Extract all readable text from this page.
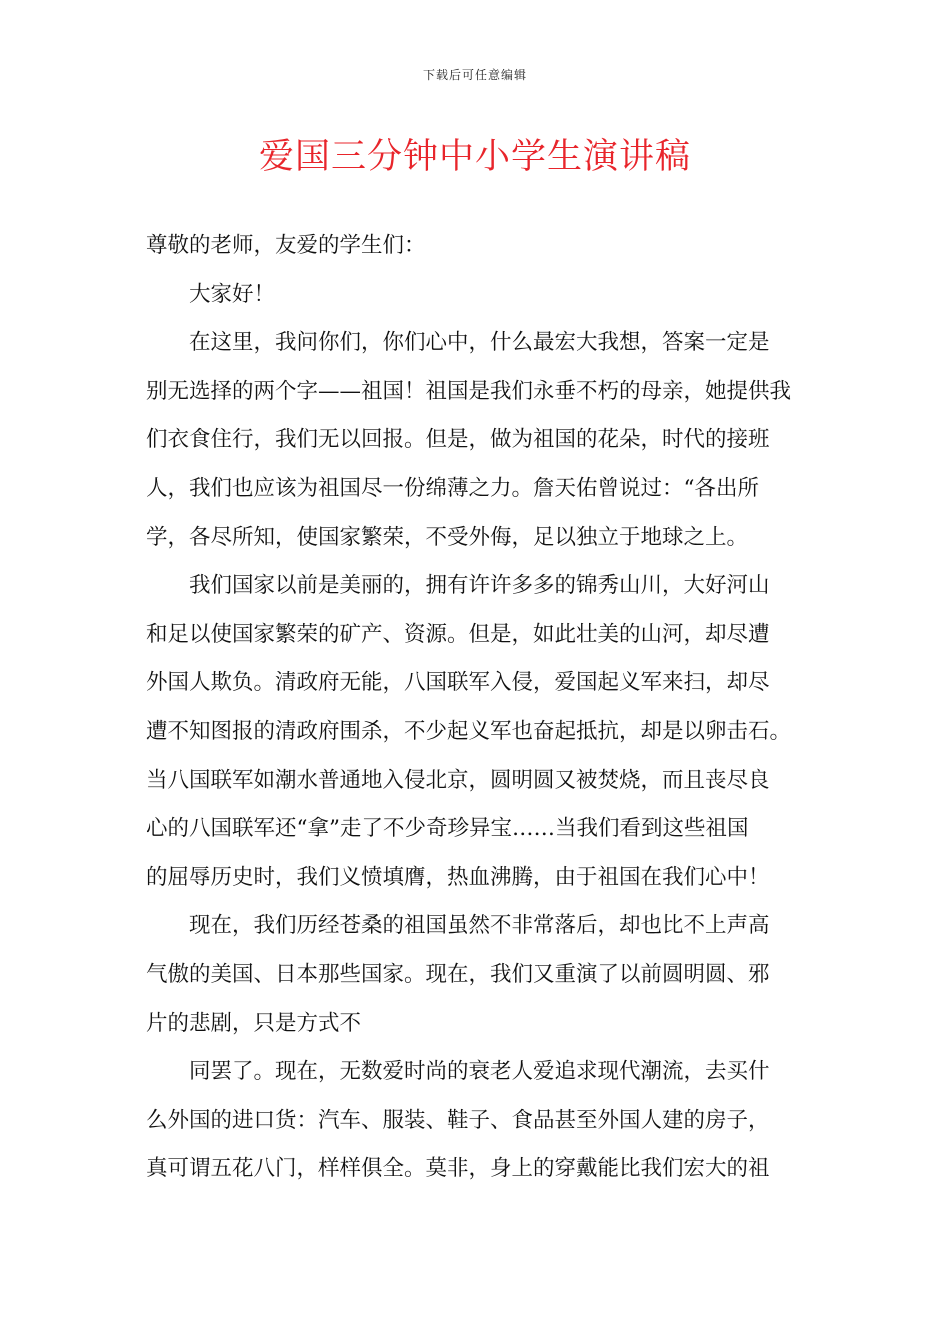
下载后可任意编辑
爱国三分钟中小学生演讲稿

尊敬的老师，友爱的学生们：

大家好！

在这里，我问你们，你们心中，什么最宏大我想，答案一定是
别无选择的两个字——祖国！祖国是我们永垂不朽的母亲，她提供我
们衣食住行，我们无以回报。但是，做为祖国的花朵，时代的接班
人，我们也应该为祖国尽一份绵薄之力。詹天佑曾说过：“各出所
学，各尽所知，使国家繁荣，不受外侮，足以独立于地球之上。

我们国家以前是美丽的，拥有许许多多的锦秀山川，大好河山
和足以使国家繁荣的矿产、资源。但是，如此壮美的山河，却尽遭
外国人欺负。清政府无能，八国联军入侵，爱国起义军来扫，却尽
遭不知图报的清政府围杀，不少起义军也奋起抵抗，却是以卵击石。
当八国联军如潮水普通地入侵北京，圆明圆又被焚烧，而且丧尽良
心的八国联军还“拿”走了不少奇珍异宝……当我们看到这些祖国
的屈辱历史时，我们义愤填膺，热血沸腾，由于祖国在我们心中！

现在，我们历经苍桑的祖国虽然不非常落后，却也比不上声高
气傲的美国、日本那些国家。现在，我们又重演了以前圆明圆、邪
片的悲剧，只是方式不

同罢了。现在，无数爱时尚的衰老人爱追求现代潮流，去买什
么外国的进口货：汽车、服装、鞋子、食品甚至外国人建的房子，
真可谓五花八门，样样俱全。莫非，身上的穿戴能比我们宏大的祖
